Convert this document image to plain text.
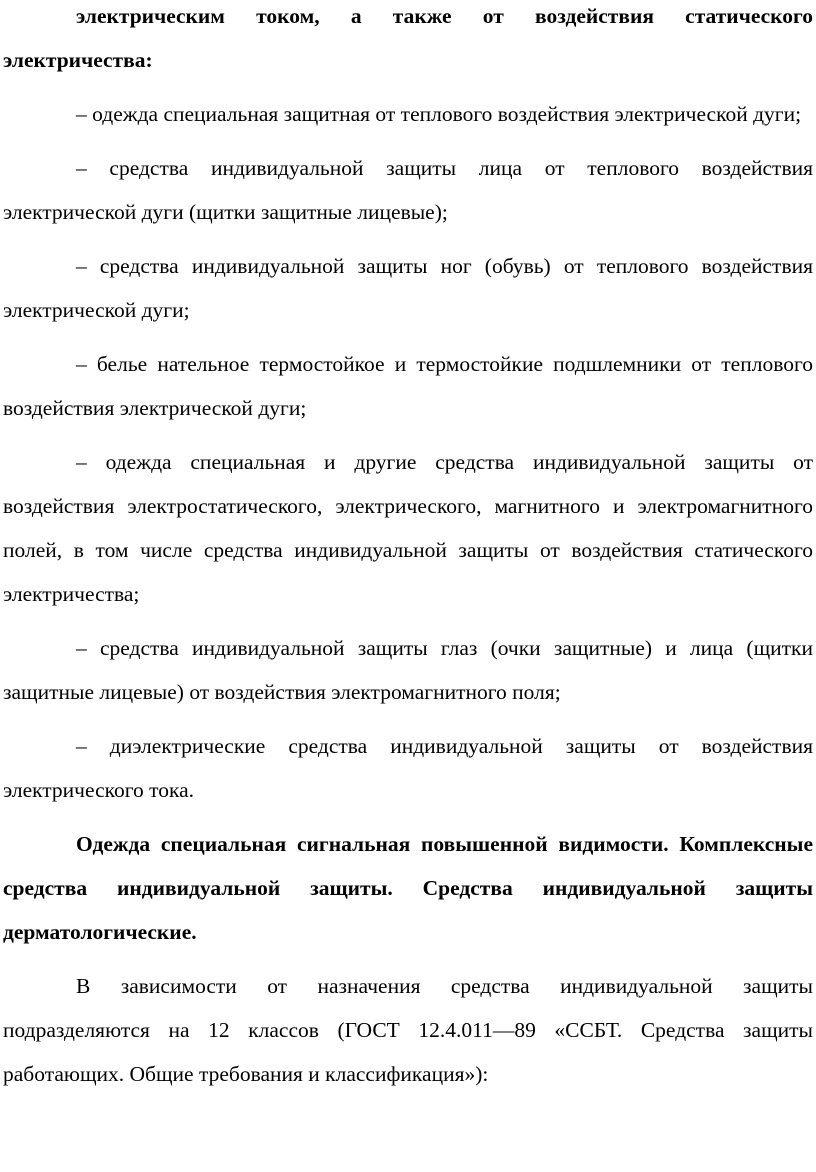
электрическим током, а также от воздействия статического электричества:

– одежда специальная защитная от теплового воздействия электрической дуги;

– средства индивидуальной защиты лица от теплового воздействия электрической дуги (щитки защитные лицевые);

– средства индивидуальной защиты ног (обувь) от теплового воздействия электрической дуги;

– белье нательное термостойкое и термостойкие подшлемники от теплового воздействия электрической дуги;

– одежда специальная и другие средства индивидуальной защиты от воздействия электростатического, электрического, магнитного и электромагнитного полей, в том числе средства индивидуальной защиты от воздействия статического электричества;

– средства индивидуальной защиты глаз (очки защитные) и лица (щитки защитные лицевые) от воздействия электромагнитного поля;

– диэлектрические средства индивидуальной защиты от воздействия электрического тока.

Одежда специальная сигнальная повышенной видимости. Комплексные средства индивидуальной защиты. Средства индивидуальной защиты дерматологические.

В зависимости от назначения средства индивидуальной защиты подразделяются на 12 классов (ГОСТ 12.4.011—89 «ССБТ. Средства защиты работающих. Общие требования и классификация»):
